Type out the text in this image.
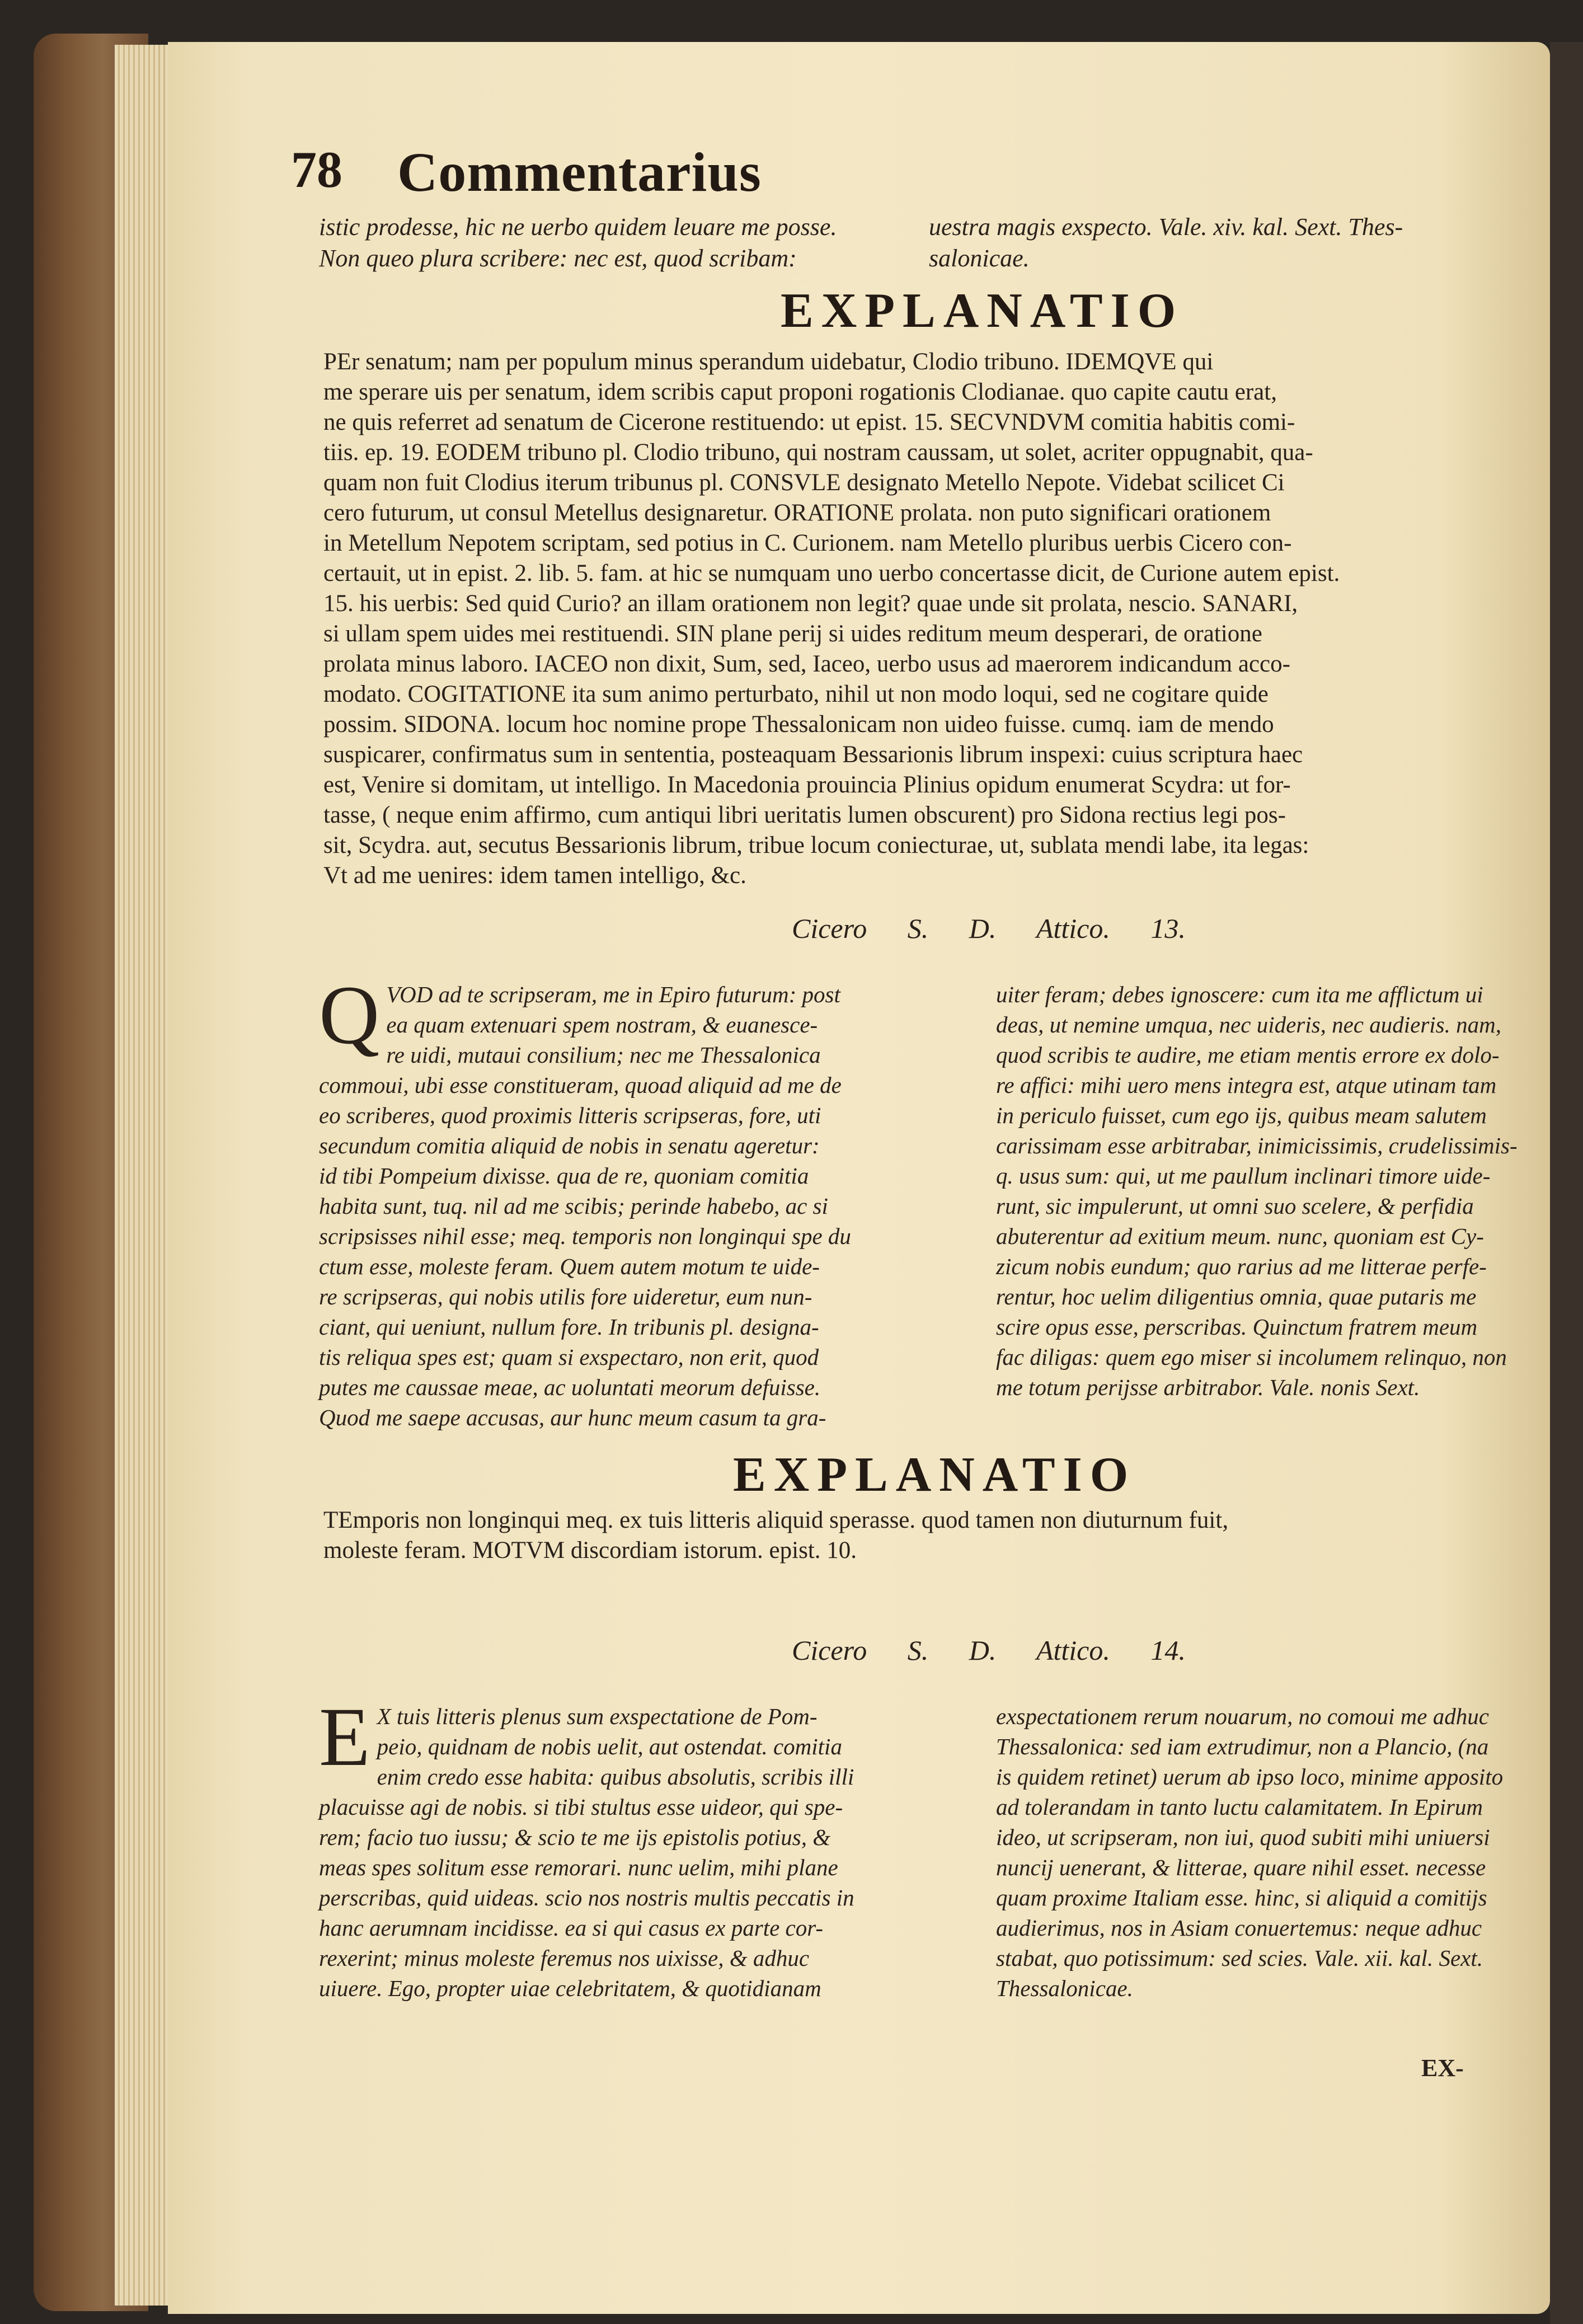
78 Commentarius
istic prodesse, hic ne uerbo quidem leuare me posse.
Non queo plura scribere: nec est, quod scribam:
uestra magis exspecto. Vale. xiv. kal. Sext. Thes-
salonicae.
EXPLANATIO
PEr senatum; nam per populum minus sperandum uidebatur, Clodio tribuno. IDEMQVE qui
me sperare uis per senatum, idem scribis caput proponi rogationis Clodianae. quo capite cautu erat,
ne quis referret ad senatum de Cicerone restituendo: ut epist. 15. SECVNDVM comitia habitis comi-
tiis. ep. 19. EODEM tribuno pl. Clodio tribuno, qui nostram caussam, ut solet, acriter oppugnabit, qua-
quam non fuit Clodius iterum tribunus pl. CONSVLE designato Metello Nepote. Videbat scilicet Ci
cero futurum, ut consul Metellus designaretur. ORATIONE prolata. non puto significari orationem
in Metellum Nepotem scriptam, sed potius in C. Curionem. nam Metello pluribus uerbis Cicero con-
certauit, ut in epist. 2. lib. 5. fam. at hic se numquam uno uerbo concertasse dicit, de Curione autem epist.
15. his uerbis: Sed quid Curio? an illam orationem non legit? quae unde sit prolata, nescio. SANARI,
si ullam spem uides mei restituendi. SIN plane perij si uides reditum meum desperari, de oratione
prolata minus laboro. IACEO non dixit, Sum, sed, Iaceo, uerbo usus ad maerorem indicandum acco-
modato. COGITATIONE ita sum animo perturbato, nihil ut non modo loqui, sed ne cogitare quide
possim. SIDONA. locum hoc nomine prope Thessalonicam non uideo fuisse. cumq. iam de mendo
suspicarer, confirmatus sum in sententia, posteaquam Bessarionis librum inspexi: cuius scriptura haec
est, Venire si domitam, ut intelligo. In Macedonia prouincia Plinius opidum enumerat Scydra: ut for-
tasse, ( neque enim affirmo, cum antiqui libri ueritatis lumen obscurent) pro Sidona rectius legi pos-
sit, Scydra. aut, secutus Bessarionis librum, tribue locum coniecturae, ut, sublata mendi labe, ita legas:
Vt ad me uenires: idem tamen intelligo, &c.
Cicero S. D. Attico. 13.
Q VOD ad te scripseram, me in Epiro futurum: post
ea quam extenuari spem nostram, & euanesce-
re uidi, mutaui consilium; nec me Thessalonica
commoui, ubi esse constitueram, quoad aliquid ad me de
eo scriberes, quod proximis litteris scripseras, fore, uti
secundum comitia aliquid de nobis in senatu ageretur:
id tibi Pompeium dixisse. qua de re, quoniam comitia
habita sunt, tuq. nil ad me scibis; perinde habebo, ac si
scripsisses nihil esse; meq. temporis non longinqui spe du
ctum esse, moleste feram. Quem autem motum te uide-
re scripseras, qui nobis utilis fore uideretur, eum nun-
ciant, qui ueniunt, nullum fore. In tribunis pl. designa-
tis reliqua spes est; quam si exspectaro, non erit, quod
putes me caussae meae, ac uoluntati meorum defuisse.
Quod me saepe accusas, aur hunc meum casum ta gra-
uiter feram; debes ignoscere: cum ita me afflictum ui
deas, ut nemine umqua, nec uideris, nec audieris. nam,
quod scribis te audire, me etiam mentis errore ex dolo-
re affici: mihi uero mens integra est, atque utinam tam
in periculo fuisset, cum ego ijs, quibus meam salutem
carissimam esse arbitrabar, inimicissimis, crudelissimis-
q. usus sum: qui, ut me paullum inclinari timore uide-
runt, sic impulerunt, ut omni suo scelere, & perfidia
abuterentur ad exitium meum. nunc, quoniam est Cy-
zicum nobis eundum; quo rarius ad me litterae perfe-
rentur, hoc uelim diligentius omnia, quae putaris me
scire opus esse, perscribas. Quinctum fratrem meum
fac diligas: quem ego miser si incolumem relinquo, non
me totum perijsse arbitrabor. Vale. nonis Sext.
EXPLANATIO
TEmporis non longinqui meq. ex tuis litteris aliquid sperasse. quod tamen non diuturnum fuit,
moleste feram. MOTVM discordiam istorum. epist. 10.
Cicero S. D. Attico. 14.
E X tuis litteris plenus sum exspectatione de Pom-
peio, quidnam de nobis uelit, aut ostendat. comitia
enim credo esse habita: quibus absolutis, scribis illi
placuisse agi de nobis. si tibi stultus esse uideor, qui spe-
rem; facio tuo iussu; & scio te me ijs epistolis potius, &
meas spes solitum esse remorari. nunc uelim, mihi plane
perscribas, quid uideas. scio nos nostris multis peccatis in
hanc aerumnam incidisse. ea si qui casus ex parte cor-
rexerint; minus moleste feremus nos uixisse, & adhuc
uiuere. Ego, propter uiae celebritatem, & quotidianam
exspectationem rerum nouarum, no comoui me adhuc
Thessalonica: sed iam extrudimur, non a Plancio, (na
is quidem retinet) uerum ab ipso loco, minime apposito
ad tolerandam in tanto luctu calamitatem. In Epirum
ideo, ut scripseram, non iui, quod subiti mihi uniuersi
nuncij uenerant, & litterae, quare nihil esset. necesse
quam proxime Italiam esse. hinc, si aliquid a comitijs
audierimus, nos in Asiam conuertemus: neque adhuc
stabat, quo potissimum: sed scies. Vale. xii. kal. Sext.
Thessalonicae.
EX-
